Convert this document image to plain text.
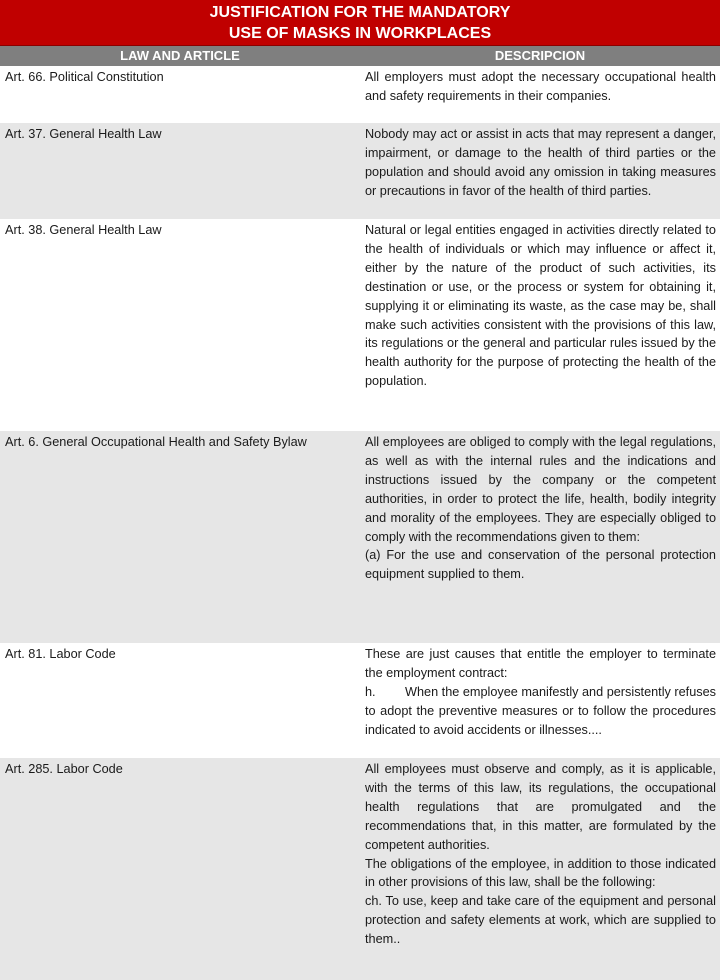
JUSTIFICATION FOR THE MANDATORY
USE OF MASKS IN WORKPLACES
LAW AND ARTICLE	DESCRIPCION
Art. 66. Political Constitution	All employers must adopt the necessary occupational health and safety requirements in their companies.

Art. 37. General Health Law	Nobody may act or assist in acts that may represent a danger, impairment, or damage to the health of third parties or the population and should avoid any omission in taking measures or precautions in favor of the health of third parties.

Art. 38. General Health Law	Natural or legal entities engaged in activities directly related to the health of individuals or which may influence or affect it, either by the nature of the product of such activities, its destination or use, or the process or system for obtaining it, supplying it or eliminating its waste, as the case may be, shall make such activities consistent with the provisions of this law, its regulations or the general and particular rules issued by the health authority for the purpose of protecting the health of the population.

Art. 6. General Occupational Health and Safety Bylaw	All employees are obliged to comply with the legal regulations, as well as with the internal rules and the indications and instructions issued by the company or the competent authorities, in order to protect the life, health, bodily integrity and morality of the employees. They are especially obliged to comply with the recommendations given to them:

(a) For the use and conservation of the personal protection equipment supplied to them.

Art. 81. Labor Code	These are just causes that entitle the employer to terminate the employment contract:

h. When the employee manifestly and persistently refuses to adopt the preventive measures or to follow the procedures indicated to avoid accidents or illnesses....

Art. 285. Labor Code	All employees must observe and comply, as it is applicable, with the terms of this law, its regulations, the occupational health regulations that are promulgated and the recommendations that, in this matter, are formulated by the competent authorities.

The obligations of the employee, in addition to those indicated in other provisions of this law, shall be the following:

ch. To use, keep and take care of the equipment and personal protection and safety elements at work, which are supplied to them..
